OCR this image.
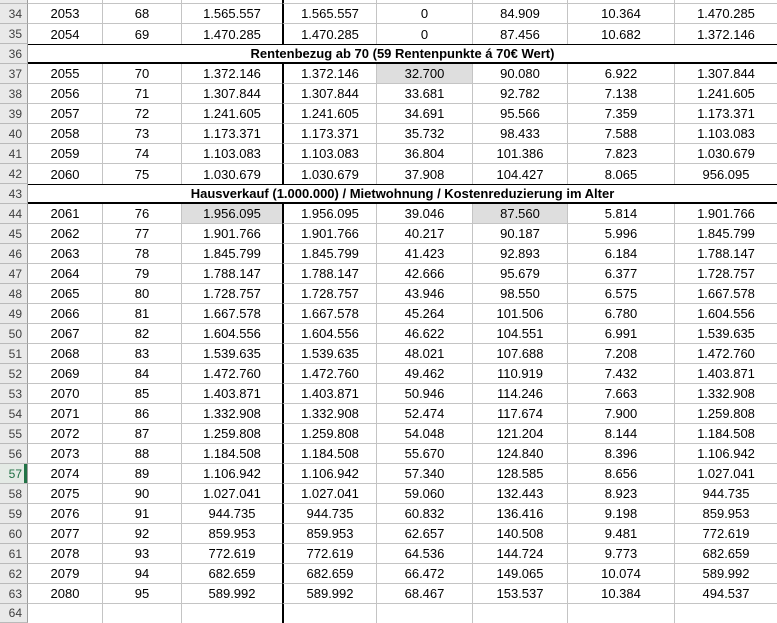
34	2053	68	1.565.557	1.565.557	0	84.909	10.364	1.470.285
35	2054	69	1.470.285	1.470.285	0	87.456	10.682	1.372.146
36	Rentenbezug ab 70 (59 Rentenpunkte á 70€ Wert)
37	2055	70	1.372.146	1.372.146	32.700	90.080	6.922	1.307.844
38	2056	71	1.307.844	1.307.844	33.681	92.782	7.138	1.241.605
39	2057	72	1.241.605	1.241.605	34.691	95.566	7.359	1.173.371
40	2058	73	1.173.371	1.173.371	35.732	98.433	7.588	1.103.083
41	2059	74	1.103.083	1.103.083	36.804	101.386	7.823	1.030.679
42	2060	75	1.030.679	1.030.679	37.908	104.427	8.065	956.095
43	Hausverkauf (1.000.000) / Mietwohnung / Kostenreduzierung im Alter
44	2061	76	1.956.095	1.956.095	39.046	87.560	5.814	1.901.766
45	2062	77	1.901.766	1.901.766	40.217	90.187	5.996	1.845.799
46	2063	78	1.845.799	1.845.799	41.423	92.893	6.184	1.788.147
47	2064	79	1.788.147	1.788.147	42.666	95.679	6.377	1.728.757
48	2065	80	1.728.757	1.728.757	43.946	98.550	6.575	1.667.578
49	2066	81	1.667.578	1.667.578	45.264	101.506	6.780	1.604.556
50	2067	82	1.604.556	1.604.556	46.622	104.551	6.991	1.539.635
51	2068	83	1.539.635	1.539.635	48.021	107.688	7.208	1.472.760
52	2069	84	1.472.760	1.472.760	49.462	110.919	7.432	1.403.871
53	2070	85	1.403.871	1.403.871	50.946	114.246	7.663	1.332.908
54	2071	86	1.332.908	1.332.908	52.474	117.674	7.900	1.259.808
55	2072	87	1.259.808	1.259.808	54.048	121.204	8.144	1.184.508
56	2073	88	1.184.508	1.184.508	55.670	124.840	8.396	1.106.942
57	2074	89	1.106.942	1.106.942	57.340	128.585	8.656	1.027.041
58	2075	90	1.027.041	1.027.041	59.060	132.443	8.923	944.735
59	2076	91	944.735	944.735	60.832	136.416	9.198	859.953
60	2077	92	859.953	859.953	62.657	140.508	9.481	772.619
61	2078	93	772.619	772.619	64.536	144.724	9.773	682.659
62	2079	94	682.659	682.659	66.472	149.065	10.074	589.992
63	2080	95	589.992	589.992	68.467	153.537	10.384	494.537
64
